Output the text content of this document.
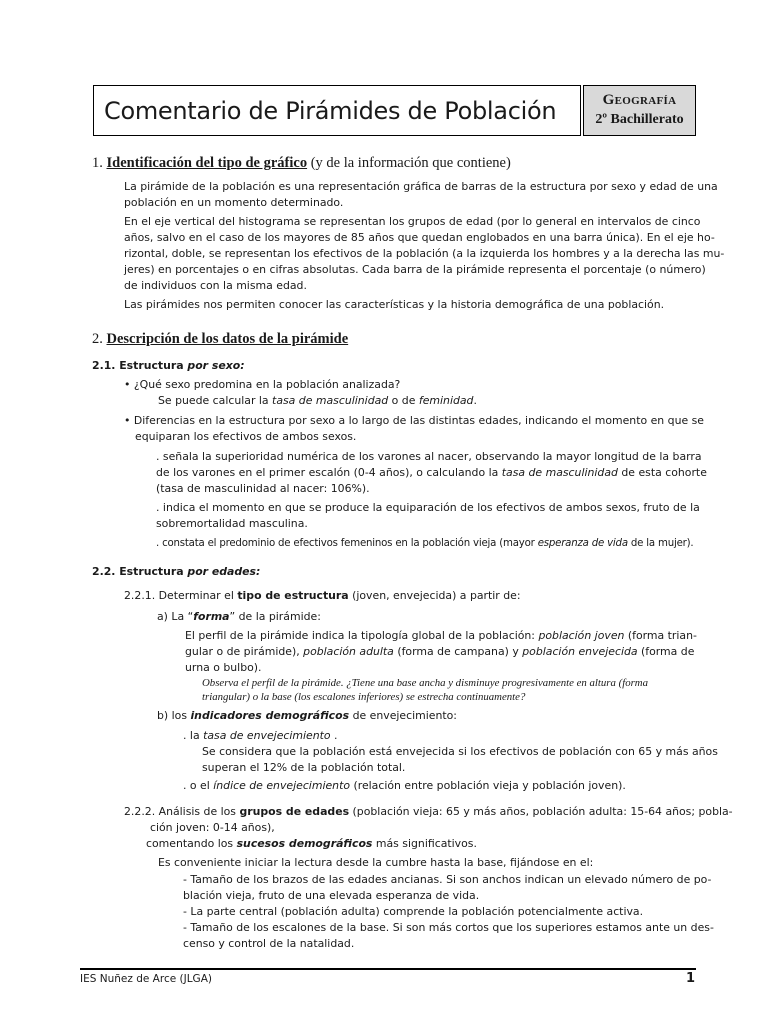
Comentario de Pirámides de Población	Geografía
2º Bachillerato
1. Identificación del tipo de gráfico (y de la información que contiene)
La pirámide de la población es una representación gráfica de barras de la estructura por sexo y edad de una
población en un momento determinado.
En el eje vertical del histograma se representan los grupos de edad (por lo general en intervalos de cinco
años, salvo en el caso de los mayores de 85 años que quedan englobados en una barra única). En el eje ho-
rizontal, doble, se representan los efectivos de la población (a la izquierda los hombres y a la derecha las mu-
jeres) en porcentajes o en cifras absolutas. Cada barra de la pirámide representa el porcentaje (o número)
de individuos con la misma edad.
Las pirámides nos permiten conocer las características y la historia demográfica de una población.
2. Descripción de los datos de la pirámide
2.1. Estructura por sexo:
• ¿Qué sexo predomina en la población analizada?
Se puede calcular la tasa de masculinidad o de feminidad.
• Diferencias en la estructura por sexo a lo largo de las distintas edades, indicando el momento en que se
equiparan los efectivos de ambos sexos.
. señala la superioridad numérica de los varones al nacer, observando la mayor longitud de la barra
de los varones en el primer escalón (0-4 años), o calculando la tasa de masculinidad de esta cohorte
(tasa de masculinidad al nacer: 106%).
. indica el momento en que se produce la equiparación de los efectivos de ambos sexos, fruto de la
sobremortalidad masculina.
. constata el predominio de efectivos femeninos en la población vieja (mayor esperanza de vida de la mujer).
2.2. Estructura por edades:
2.2.1. Determinar el tipo de estructura (joven, envejecida) a partir de:
a) La “forma” de la pirámide:
El perfil de la pirámide indica la tipología global de la población: población joven (forma trian-
gular o de pirámide), población adulta (forma de campana) y población envejecida (forma de
urna o bulbo).
Observa el perfil de la pirámide. ¿Tiene una base ancha y disminuye progresivamente en altura (forma
triangular) o la base (los escalones inferiores) se estrecha continuamente?
b) los indicadores demográficos de envejecimiento:
. la tasa de envejecimiento .
Se considera que la población está envejecida si los efectivos de población con 65 y más años
superan el 12% de la población total.
. o el índice de envejecimiento (relación entre población vieja y población joven).
2.2.2. Análisis de los grupos de edades (población vieja: 65 y más años, población adulta: 15-64 años; pobla-
ción joven: 0-14 años),
comentando los sucesos demográficos más significativos.
Es conveniente iniciar la lectura desde la cumbre hasta la base, fijándose en el:
- Tamaño de los brazos de las edades ancianas. Si son anchos indican un elevado número de po-
blación vieja, fruto de una elevada esperanza de vida.
- La parte central (población adulta) comprende la población potencialmente activa.
- Tamaño de los escalones de la base. Si son más cortos que los superiores estamos ante un des-
censo y control de la natalidad.
IES Nuñez de Arce (JLGA)	1
